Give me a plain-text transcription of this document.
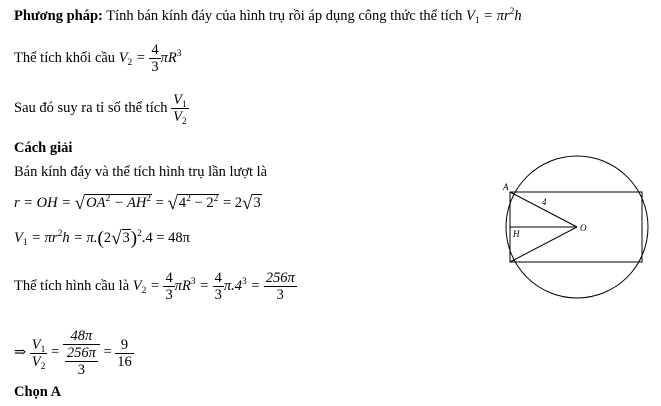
Phương pháp: Tính bán kính đáy của hình trụ rồi áp dụng công thức thể tích $V_1 = \pi r^2h$
Thể tích khối cầu $V_2 = \frac{4}{3} \pi R^3$
Sau đó suy ra tỉ số thể tích $\frac{V_1}{V_2}$
Cách giải
Bán kính đáy và thể tích hình trụ lần lượt là
r = OH = $√OA^2 - AH^2 = √4^2 - 2^2 = 2√3$
$V_1 = \pi r^2h = \pi.(2√3)^2.4 = 48\pi$
Thể tích hình cầu là $V_2 = \frac{4}{3} \pi R^3 = \frac{4}{3} \pi.4^3 = \frac{256\pi}{3}$
⇒ $\frac{V_1}{V_2} = 48\pi$
256π
$3 = \frac{9}{16}$
Chọn A
A
4
O
H
